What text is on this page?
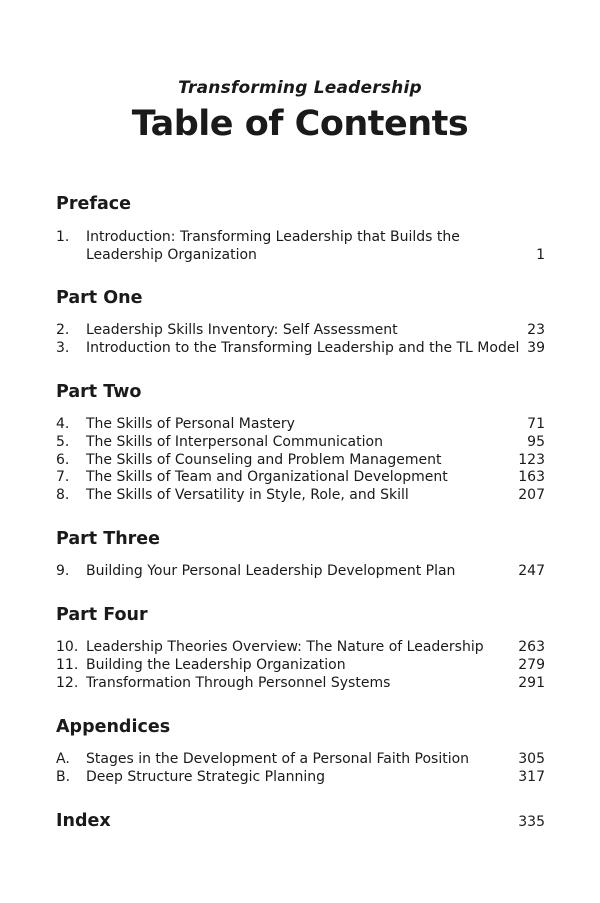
Transforming Leadership
Table of Contents
Preface
1. Introduction: Transforming Leadership that Builds the Leadership Organization	1
Part One
2. Leadership Skills Inventory: Self Assessment	23
3. Introduction to the Transforming Leadership and the TL Model 39
Part Two
4. The Skills of Personal Mastery	71
5. The Skills of Interpersonal Communication	95
6. The Skills of Counseling and Problem Management	123
7. The Skills of Team and Organizational Development	163
8. The Skills of Versatility in Style, Role, and Skill	207
Part Three
9. Building Your Personal Leadership Development Plan	247
Part Four
10. Leadership Theories Overview: The Nature of Leadership	263
11. Building the Leadership Organization	279
12. Transformation Through Personnel Systems	291
Appendices
A. Stages in the Development of a Personal Faith Position	305
B. Deep Structure Strategic Planning	317
Index	335
